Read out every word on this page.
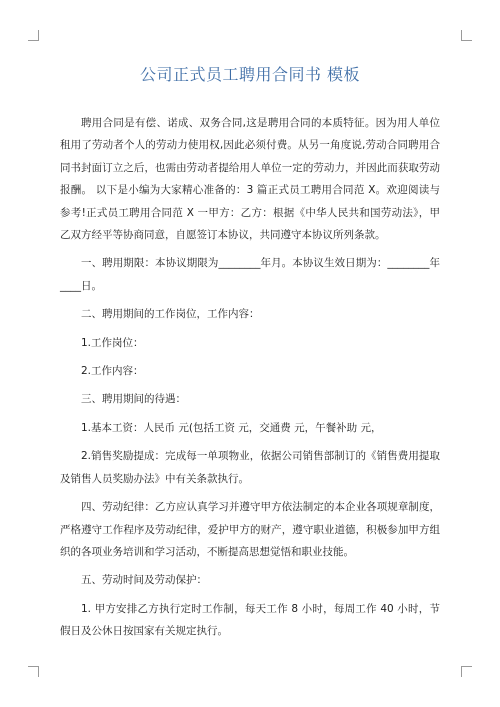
公司正式员工聘用合同书 模板

聘用合同是有偿、诺成、双务合同,这是聘用合同的本质特征。因为用人单位租用了劳动者个人的劳动力使用权,因此必须付费。从另一角度说,劳动合同聘用合同书封面订立之后，也需由劳动者提给用人单位一定的劳动力，并因此而获取劳动报酬。 以下是小编为大家精心准备的：3 篇正式员工聘用合同范 X。欢迎阅读与参考!正式员工聘用合同范 X 一甲方：乙方：根据《中华人民共和国劳动法》，甲乙双方经平等协商同意，自愿签订本协议，共同遵守本协议所列条款。

一、聘用期限：本协议期限为________年月。本协议生效日期为：________年____日。

二、聘用期间的工作岗位，工作内容：

1.工作岗位：

2.工作内容：

三、聘用期间的待遇：

1.基本工资：人民币 元(包括工资 元，交通费 元，午餐补助 元，

2.销售奖励提成：完成每一单项物业，依据公司销售部制订的《销售费用提取及销售人员奖励办法》中有关条款执行。

四、劳动纪律：乙方应认真学习并遵守甲方依法制定的本企业各项规章制度，严格遵守工作程序及劳动纪律，爱护甲方的财产，遵守职业道德，积极参加甲方组织的各项业务培训和学习活动，不断提高思想觉悟和职业技能。

五、劳动时间及劳动保护：

1. 甲方安排乙方执行定时工作制，每天工作 8 小时，每周工作 40 小时，节假日及公休日按国家有关规定执行。
